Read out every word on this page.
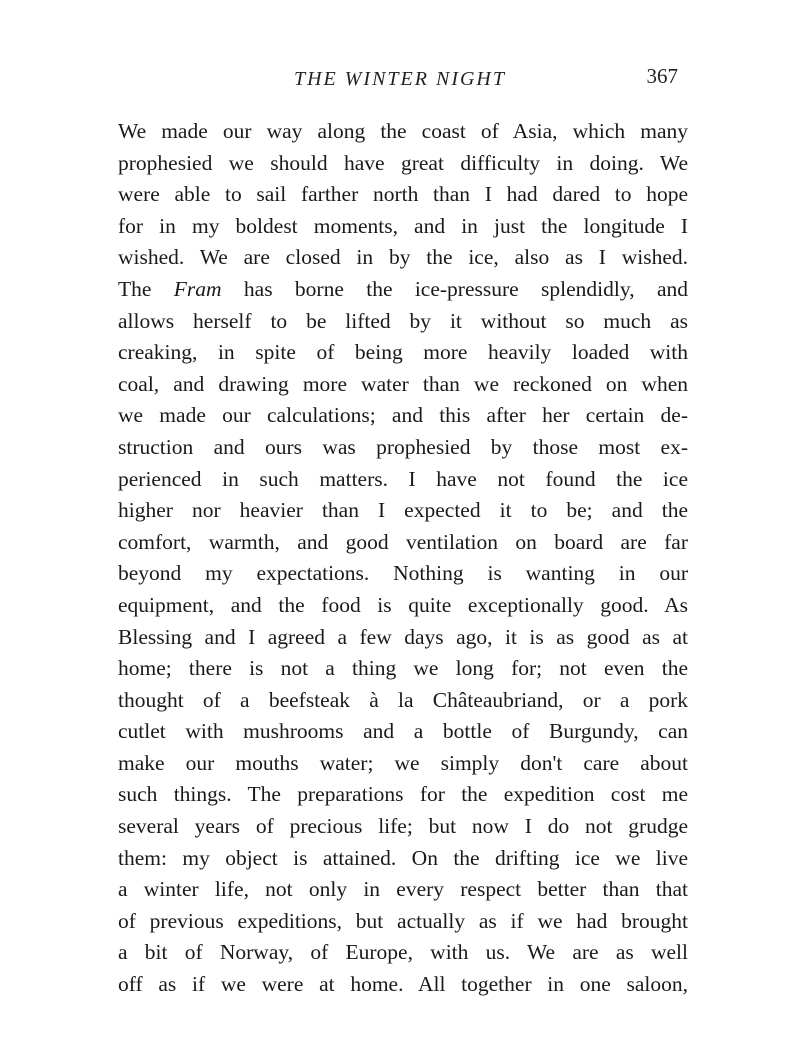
THE WINTER NIGHT	367
We made our way along the coast of Asia, which many
prophesied we should have great difficulty in doing. We
were able to sail farther north than I had dared to hope
for in my boldest moments, and in just the longitude I
wished. We are closed in by the ice, also as I wished.
The Fram has borne the ice-pressure splendidly, and
allows herself to be lifted by it without so much as
creaking, in spite of being more heavily loaded with
coal, and drawing more water than we reckoned on when
we made our calculations; and this after her certain de-
struction and ours was prophesied by those most ex-
perienced in such matters. I have not found the ice
higher nor heavier than I expected it to be; and the
comfort, warmth, and good ventilation on board are far
beyond my expectations. Nothing is wanting in our
equipment, and the food is quite exceptionally good. As
Blessing and I agreed a few days ago, it is as good as at
home; there is not a thing we long for; not even the
thought of a beefsteak à la Châteaubriand, or a pork
cutlet with mushrooms and a bottle of Burgundy, can
make our mouths water; we simply don't care about
such things. The preparations for the expedition cost me
several years of precious life; but now I do not grudge
them: my object is attained. On the drifting ice we live
a winter life, not only in every respect better than that
of previous expeditions, but actually as if we had brought
a bit of Norway, of Europe, with us. We are as well
off as if we were at home. All together in one saloon,
